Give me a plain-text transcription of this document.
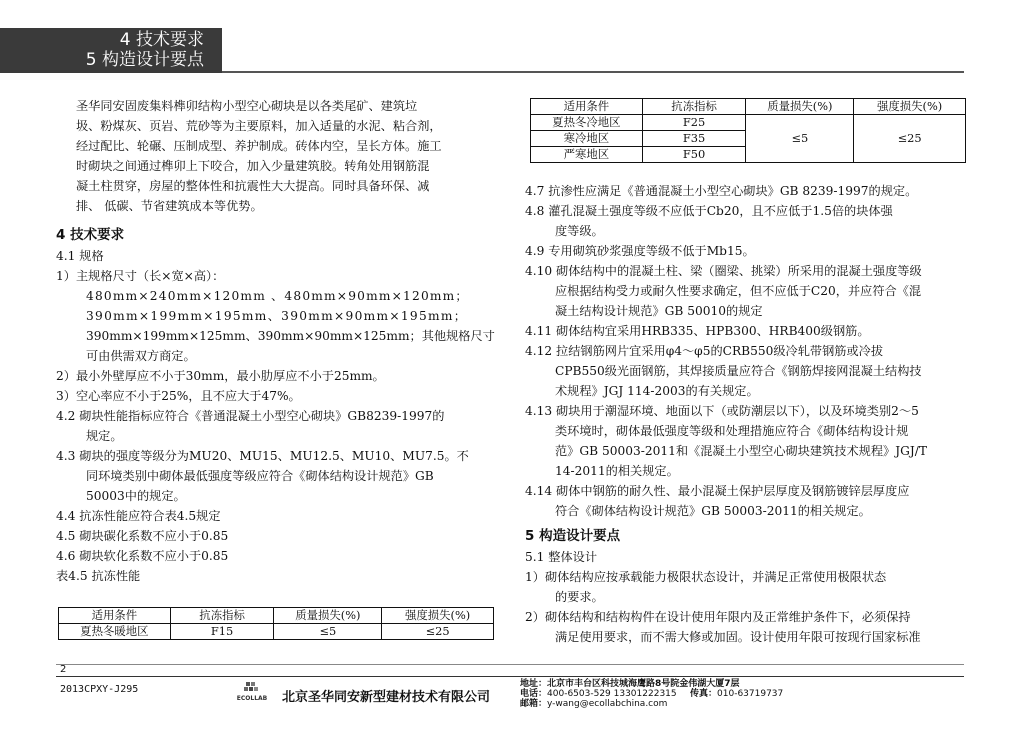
4 技术要求
5 构造设计要点
圣华同安固废集料榫卯结构小型空心砌块是以各类尾矿、建筑垃
圾、粉煤灰、页岩、荒砂等为主要原料，加入适量的水泥、粘合剂，
经过配比、轮碾、压制成型、养护制成。砖体内空，呈长方体。施工
时砌块之间通过榫卯上下咬合，加入少量建筑胶。转角处用钢筋混
凝土柱贯穿，房屋的整体性和抗震性大大提高。同时具备环保、减
排、 低碳、节省建筑成本等优势。
4 技术要求
4.1 规格
1）主规格尺寸（长×宽×高）：
480mm×240mm×120mm 、480mm×90mm×120mm；
390mm×199mm×195mm、390mm×90mm×195mm；
390mm×199mm×125mm、390mm×90mm×125mm；其他规格尺寸
可由供需双方商定。
2）最小外壁厚应不小于30mm，最小肋厚应不小于25mm。
3）空心率应不小于25%，且不应大于47%。
4.2 砌块性能指标应符合《普通混凝土小型空心砌块》GB8239-1997的
规定。
4.3 砌块的强度等级分为MU20、MU15、MU12.5、MU10、MU7.5。不
同环境类别中砌体最低强度等级应符合《砌体结构设计规范》GB
50003中的规定。
4.4 抗冻性能应符合表4.5规定
4.5 砌块碳化系数不应小于0.85
4.6 砌块软化系数不应小于0.85
表4.5 抗冻性能
适用条件	抗冻指标	质量损失(%)	强度损失(%)
夏热冬暖地区	F15	≤5	≤25
适用条件	抗冻指标	质量损失(%)	强度损失(%)
夏热冬冷地区	F25	≤5	≤25
寒冷地区	F35		
严寒地区	F50		
4.7 抗渗性应满足《普通混凝土小型空心砌块》GB 8239-1997的规定。
4.8 灌孔混凝土强度等级不应低于Cb20，且不应低于1.5倍的块体强
度等级。
4.9 专用砌筑砂浆强度等级不低于Mb15。
4.10 砌体结构中的混凝土柱、梁（圈梁、挑梁）所采用的混凝土强度等级
应根据结构受力或耐久性要求确定，但不应低于C20，并应符合《混
凝土结构设计规范》GB 50010的规定
4.11 砌体结构宜采用HRB335、HPB300、HRB400级钢筋。
4.12 拉结钢筋网片宜采用φ4～φ5的CRB550级冷轧带钢筋或冷拔
CPB550级光面钢筋，其焊接质量应符合《钢筋焊接网混凝土结构技
术规程》JGJ 114-2003的有关规定。
4.13 砌块用于潮湿环境、地面以下（或防潮层以下），以及环境类别2～5
类环境时，砌体最低强度等级和处理措施应符合《砌体结构设计规
范》GB 50003-2011和《混凝土小型空心砌块建筑技术规程》JGJ/T
14-2011的相关规定。
4.14 砌体中钢筋的耐久性、最小混凝土保护层厚度及钢筋镀锌层厚度应
符合《砌体结构设计规范》GB 50003-2011的相关规定。
5 构造设计要点
5.1 整体设计
1）砌体结构应按承载能力极限状态设计，并满足正常使用极限状态
的要求。
2）砌体结构和结构构件在设计使用年限内及正常维护条件下，必须保持
满足使用要求，而不需大修或加固。设计使用年限可按现行国家标准
2
2013CPXY-J295
ECOLLAB 北京圣华同安新型建材技术有限公司
地址：北京市丰台区科技城海鹰路8号院金伟湖大厦7层
电话：400-6503-529 13301222315	传真：010-63719737
邮箱：y-wang@ecollabchina.com
